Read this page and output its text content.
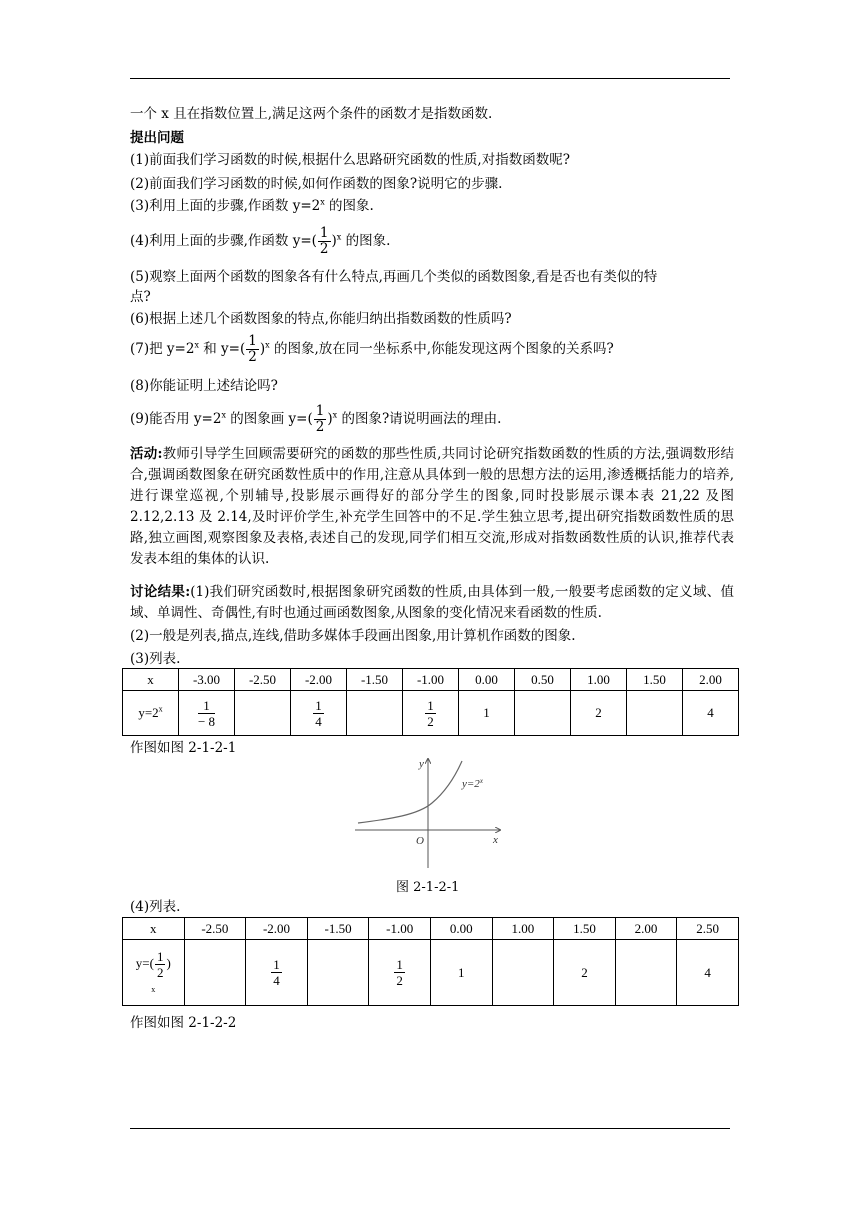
一个 x 且在指数位置上,满足这两个条件的函数才是指数函数.
提出问题
(1)前面我们学习函数的时候,根据什么思路研究函数的性质,对指数函数呢?
(2)前面我们学习函数的时候,如何作函数的图象?说明它的步骤.
(3)利用上面的步骤,作函数 $y=2^x$ 的图象.
(4)利用上面的步骤,作函数 $y=( \frac{1}{2} )^x$ 的图象.
(5)观察上面两个函数的图象各有什么特点,再画几个类似的函数图象,看是否也有类似的特
点?
(6)根据上述几个函数图象的特点,你能归纳出指数函数的性质吗?
(7)把 $y=2^x$ 和 $y=( \frac{1}{2} )^x$ 的图象,放在同一坐标系中,你能发现这两个图象的关系吗?
(8)你能证明上述结论吗?
(9)能否用 $y=2^x$ 的图象画 $y=( \frac{1}{2} )^x$ 的图象?请说明画法的理由.
活动:教师引导学生回顾需要研究的函数的那些性质,共同讨论研究指数函数的性质的方法,强调数形结合,强调函数图象在研究函数性质中的作用,注意从具体到一般的思想方法的运用,渗透概括能力的培养,进行课堂巡视,个别辅导,投影展示画得好的部分学生的图象,同时投影展示课本表 21,22 及图 2.12,2.13 及 2.14,及时评价学生,补充学生回答中的不足.学生独立思考,提出研究指数函数性质的思路,独立画图,观察图象及表格,表述自己的发现,同学们相互交流,形成对指数函数性质的认识,推荐代表发表本组的集体的认识.
讨论结果:(1)我们研究函数时,根据图象研究函数的性质,由具体到一般,一般要考虑函数的定义域、值域、单调性、奇偶性,有时也通过画函数图象,从图象的变化情况来看函数的性质.
(2)一般是列表,描点,连线,借助多媒体手段画出图象,用计算机作函数的图象.
(3)列表.
x	-3.00	-2.50	-2.00	-1.50	-1.00	0.00	0.50	1.00	1.50	2.00
$y=2^x$	$\frac{1}{- 8}$		$\frac{1}{4}$		$\frac{1}{2}$	1		2		4
作图如图 2-1-2-1
y
x
O
$y=2^x$
图 2-1-2-1
(4)列表.
x	-2.50	-2.00	-1.50	-1.00	0.00	1.00	1.50	2.00	2.50
$y=( \frac{1}{2}$ )
x		$\frac{1}{4}$		$\frac{1}{2}$	1		2		4
作图如图 2-1-2-2
